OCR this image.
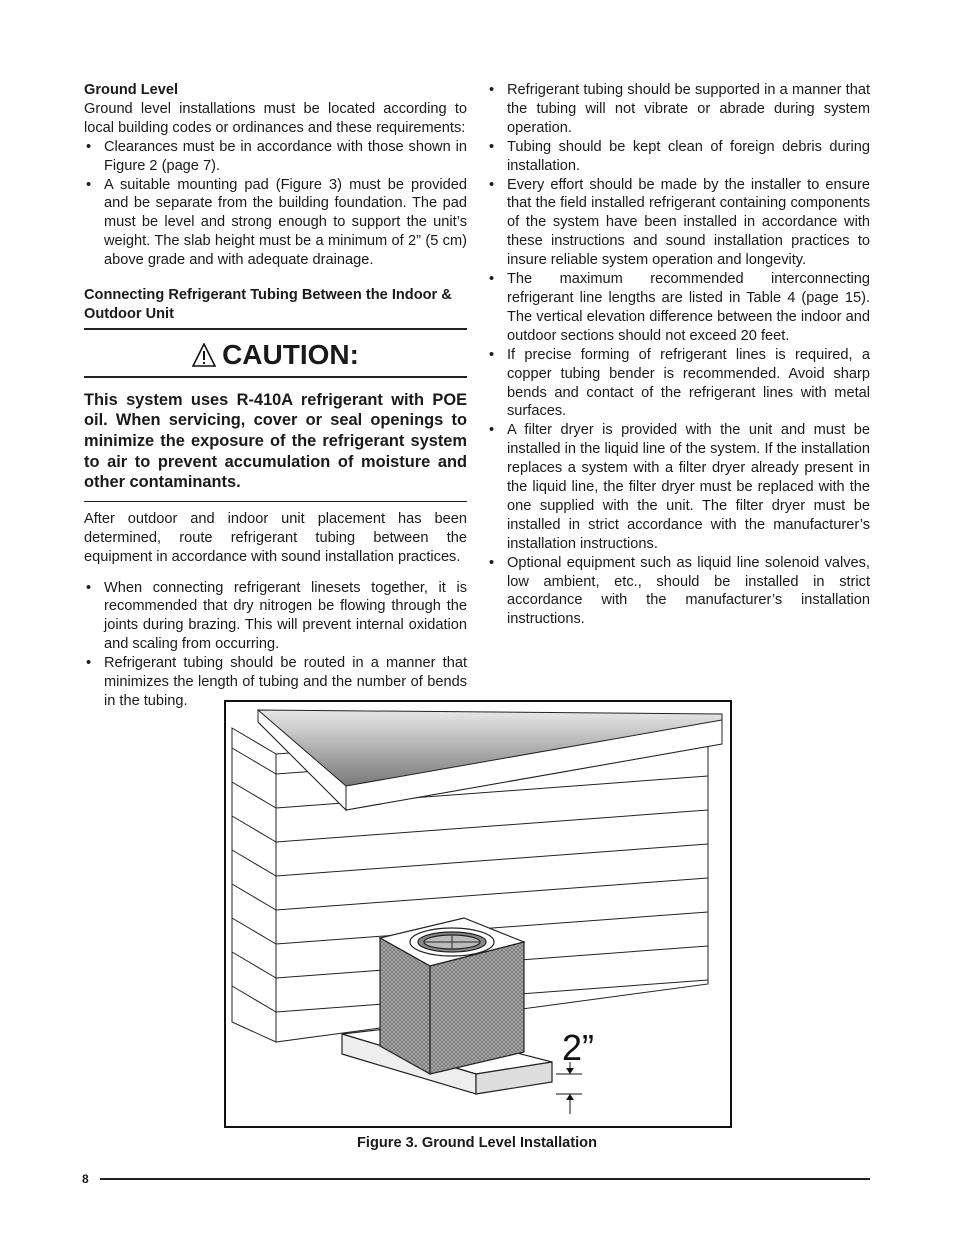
Ground Level

Ground level installations must be located according to local building codes or ordinances and these requirements:

• Clearances must be in accordance with those shown in Figure 2 (page 7).
• A suitable mounting pad (Figure 3) must be provided and be separate from the building foundation. The pad must be level and strong enough to support the unit’s weight. The slab height must be a minimum of 2” (5 cm) above grade and with adequate drainage.
Connecting Refrigerant Tubing Between the Indoor & Outdoor Unit
CAUTION:

This system uses R-410A refrigerant with POE oil. When servicing, cover or seal openings to minimize the exposure of the refrigerant system to air to prevent accumulation of moisture and other contaminants.

After outdoor and indoor unit placement has been determined, route refrigerant tubing between the equipment in accordance with sound installation practices.

• When connecting refrigerant linesets together, it is recommended that dry nitrogen be flowing through the joints during brazing. This will prevent internal oxidation and scaling from occurring.
• Refrigerant tubing should be routed in a manner that minimizes the length of tubing and the number of bends in the tubing.
• Refrigerant tubing should be supported in a manner that the tubing will not vibrate or abrade during system operation.
• Tubing should be kept clean of foreign debris during installation.
• Every effort should be made by the installer to ensure that the field installed refrigerant containing components of the system have been installed in accordance with these instructions and sound installation practices to insure reliable system operation and longevity.
• The maximum recommended interconnecting refrigerant line lengths are listed in Table 4 (page 15). The vertical elevation difference between the indoor and outdoor sections should not exceed 20 feet.
• If precise forming of refrigerant lines is required, a copper tubing bender is recommended. Avoid sharp bends and contact of the refrigerant lines with metal surfaces.
• A filter dryer is provided with the unit and must be installed in the liquid line of the system. If the installation replaces a system with a filter dryer already present in the liquid line, the filter dryer must be replaced with the one supplied with the unit. The filter dryer must be installed in strict accordance with the manufacturer’s installation instructions.
• Optional equipment such as liquid line solenoid valves, low ambient, etc., should be installed in strict accordance with the manufacturer’s installation instructions.
2”
Figure 3. Ground Level Installation
8
